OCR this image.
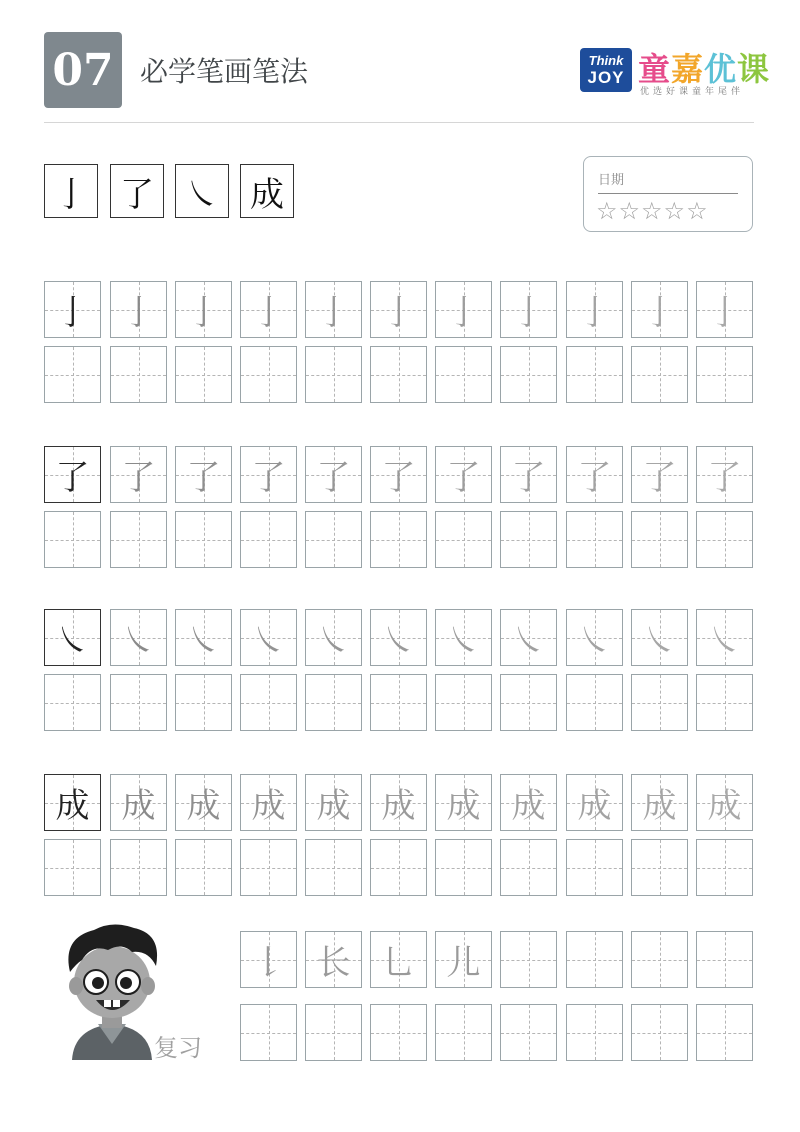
07 必学笔画笔法	Think
JOY 童嘉优课
优选好课童年尾伴
亅 了 ㇏ 成	日期
☆☆☆☆☆
亅 亅 亅 亅 亅 亅 亅 亅 亅 亅 亅
了 了 了 了 了 了 了 了 了 了 了
㇏ ㇏ ㇏ ㇏ ㇏ ㇏ ㇏ ㇏ ㇏ ㇏ ㇏
成 成 成 成 成 成 成 成 成 成 成
复习
𠄌 长 乚 儿
